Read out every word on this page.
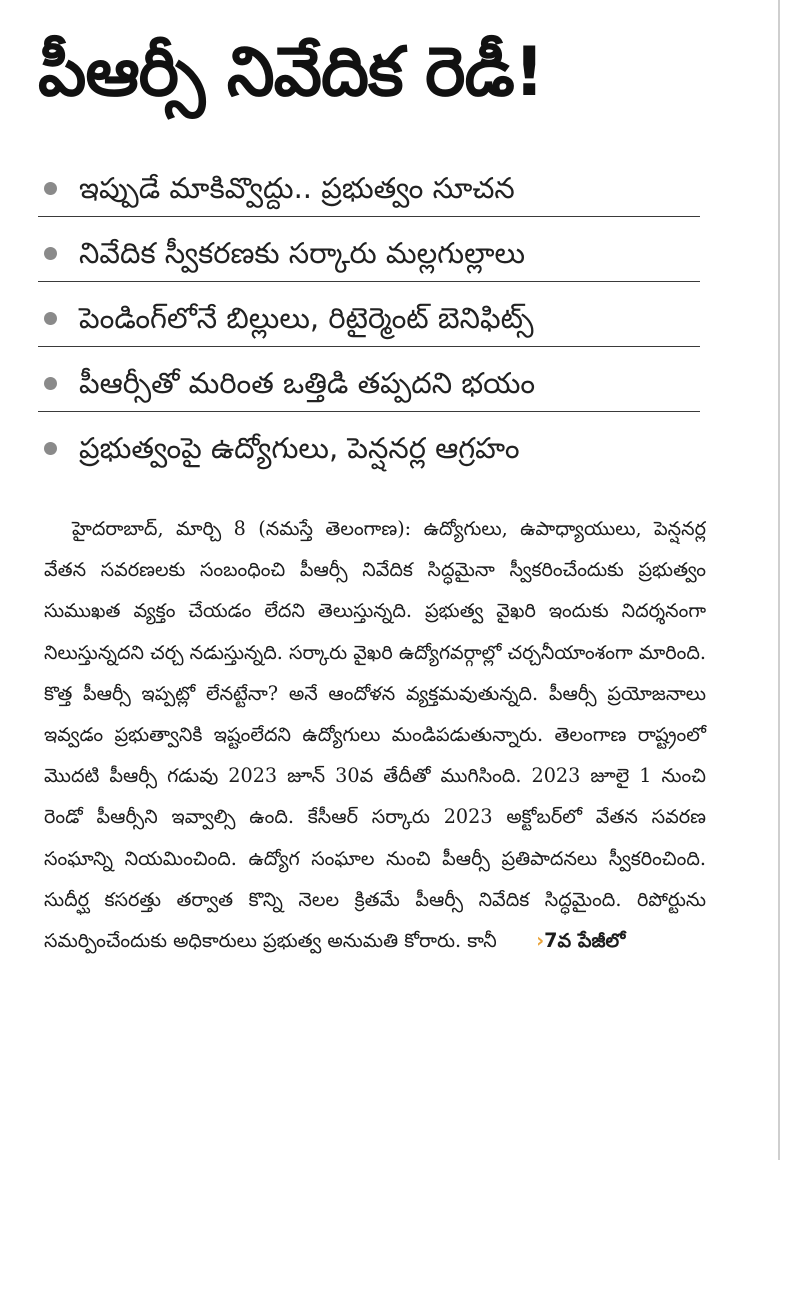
పీఆర్సీ నివేదిక రెడీ!
ఇప్పుడే మాకివ్వొద్దు.. ప్రభుత్వం సూచన
నివేదిక స్వీకరణకు సర్కారు మల్లగుల్లాలు
పెండింగ్‌లోనే బిల్లులు, రిటైర్మెంట్ బెనిఫిట్స్
పీఆర్సీతో మరింత ఒత్తిడి తప్పదని భయం
ప్రభుత్వంపై ఉద్యోగులు, పెన్షనర్ల ఆగ్రహం
హైదరాబాద్, మార్చి 8 (నమస్తే తెలంగాణ): ఉద్యోగులు, ఉపాధ్యాయులు, పెన్షనర్ల వేతన సవరణలకు సంబంధించి పీఆర్సీ నివేదిక సిద్ధమైనా స్వీకరించేందుకు ప్రభుత్వం సుముఖత వ్యక్తం చేయడం లేదని తెలుస్తున్నది. ప్రభుత్వ వైఖరి ఇందుకు నిదర్శనంగా నిలుస్తున్నదని చర్చ నడుస్తున్నది. సర్కారు వైఖరి ఉద్యోగవర్గాల్లో చర్చనీయాంశంగా మారింది. కొత్త పీఆర్సీ ఇప్పట్లో లేనట్టేనా? అనే ఆందోళన వ్యక్తమవుతున్నది. పీఆర్సీ ప్రయోజనాలు ఇవ్వడం ప్రభుత్వానికి ఇష్టంలేదని ఉద్యోగులు మండిపడుతున్నారు. తెలంగాణ రాష్ట్రంలో మొదటి పీఆర్సీ గడువు 2023 జూన్ 30వ తేదీతో ముగిసింది. 2023 జూలై 1 నుంచి రెండో పీఆర్సీని ఇవ్వాల్సి ఉంది. కేసీఆర్ సర్కారు 2023 అక్టోబర్‌లో వేతన సవరణ సంఘాన్ని నియమించింది. ఉద్యోగ సంఘాల నుంచి పీఆర్సీ ప్రతిపాదనలు స్వీకరించింది. సుదీర్ఘ కసరత్తు తర్వాత కొన్ని నెలల క్రితమే పీఆర్సీ నివేదిక సిద్ధమైంది. రిపోర్టును సమర్పించేందుకు అధికారులు ప్రభుత్వ అనుమతి కోరారు. కానీ ›7వ పేజీలో
